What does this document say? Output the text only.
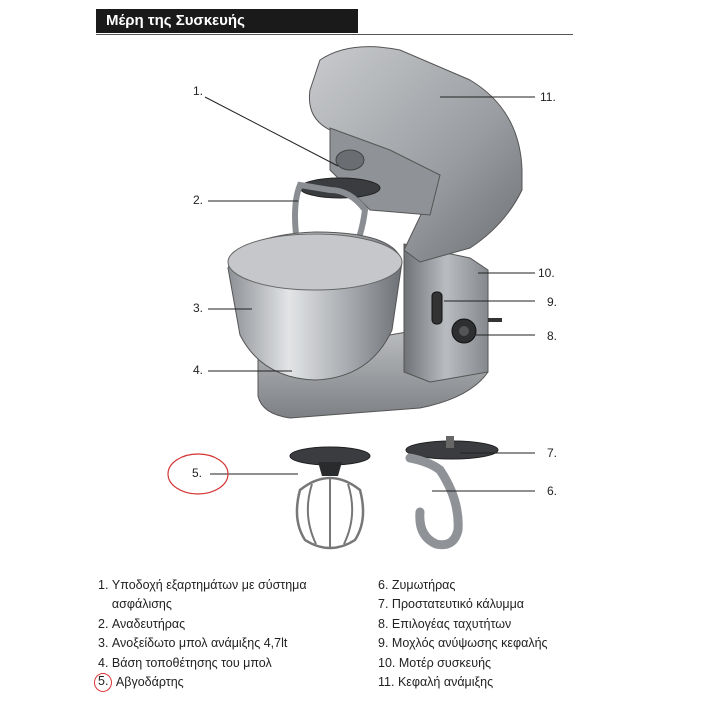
Μέρη της Συσκευής
1.
2.
3.
4.
5.
11.
10.
9.
8.
7.
6.
1.
Υποδοχή εξαρτημάτων με σύστημα
ασφάλισης
2.
Αναδευτήρας
3.
Ανοξείδωτο μπολ ανάμιξης 4,7lt
4.
Βάση τοποθέτησης του μπολ
5.
Αβγοδάρτης
6.
Ζυμωτήρας
7.
Προστατευτικό κάλυμμα
8.
Επιλογέας ταχυτήτων
9.
Μοχλός ανύψωσης κεφαλής
10.
Μοτέρ συσκευής
11.
Κεφαλή ανάμιξης
